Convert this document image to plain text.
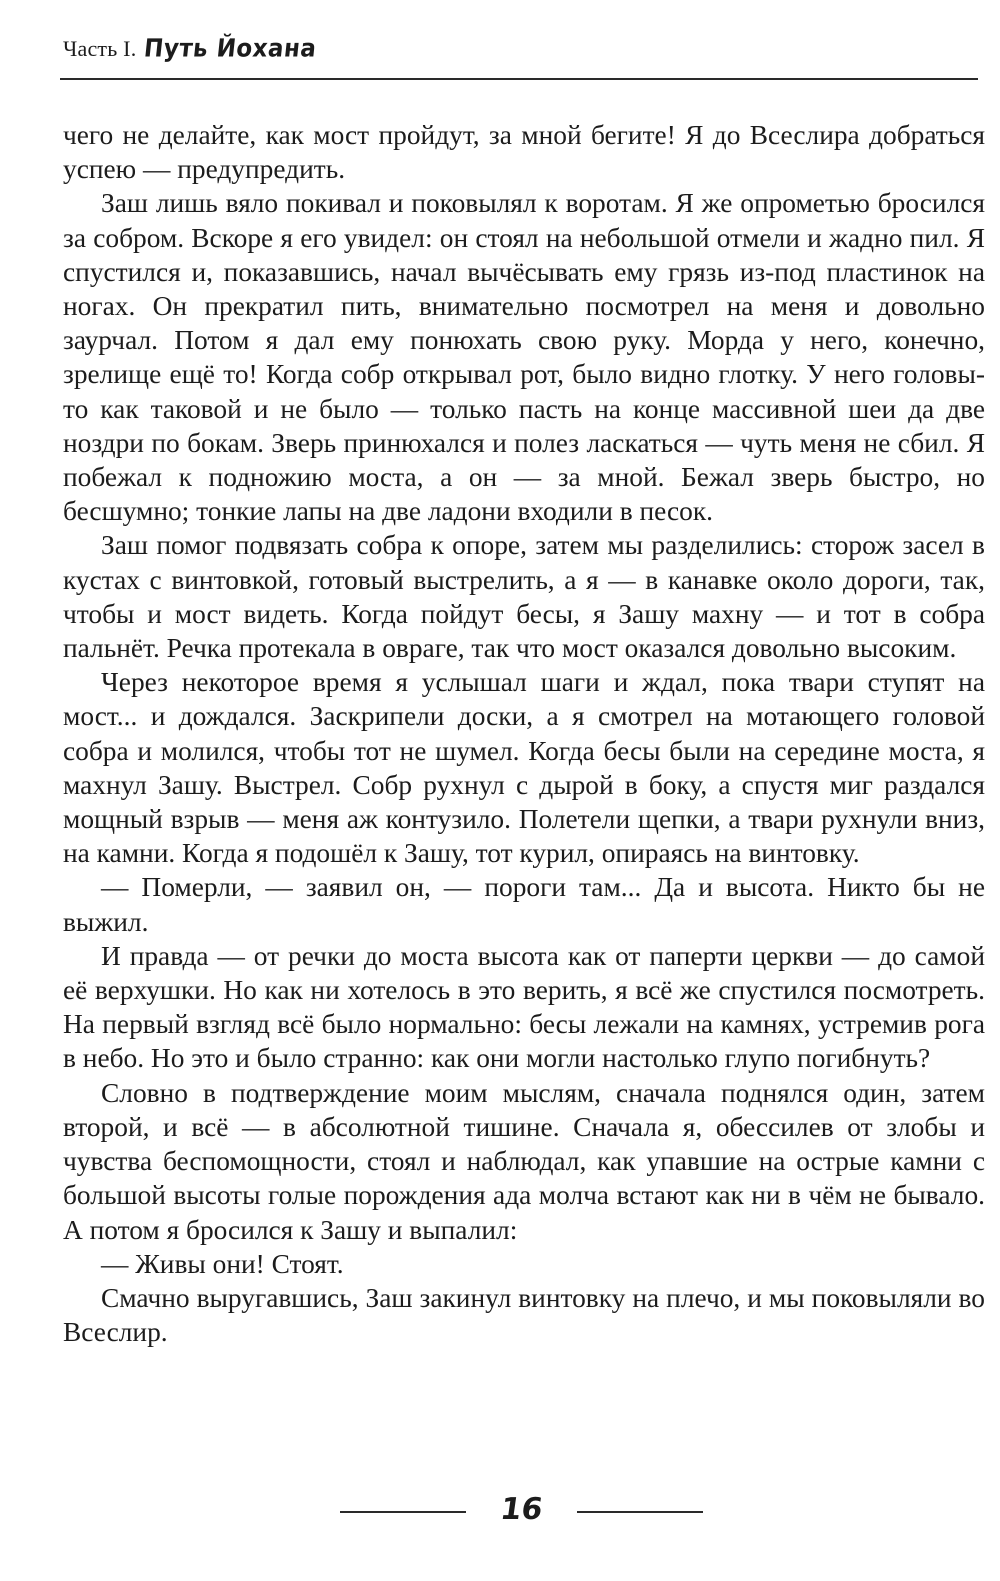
Часть I. Путь Йохана

чего не делайте, как мост пройдут, за мной бегите! Я до Всеслира добраться успею — предупредить.

Заш лишь вяло покивал и поковылял к воротам. Я же опрометью бросился за собром. Вскоре я его увидел: он стоял на небольшой отмели и жадно пил. Я спустился и, показавшись, начал вычёсывать ему грязь из-под пластинок на ногах. Он прекратил пить, внимательно посмотрел на меня и довольно заурчал. Потом я дал ему понюхать свою руку. Морда у него, конечно, зрелище ещё то! Когда собр открывал рот, было видно глотку. У него головы-то как таковой и не было — только пасть на конце массивной шеи да две ноздри по бокам. Зверь принюхался и полез ласкаться — чуть меня не сбил. Я побежал к подножию моста, а он — за мной. Бежал зверь быстро, но бесшумно; тонкие лапы на две ладони входили в песок.

Заш помог подвязать собра к опоре, затем мы разделились: сторож засел в кустах с винтовкой, готовый выстрелить, а я — в канавке около дороги, так, чтобы и мост видеть. Когда пойдут бесы, я Зашу махну — и тот в собра пальнёт. Речка протекала в овраге, так что мост оказался довольно высоким.

Через некоторое время я услышал шаги и ждал, пока твари ступят на мост... и дождался. Заскрипели доски, а я смотрел на мотающего головой собра и молился, чтобы тот не шумел. Когда бесы были на середине моста, я махнул Зашу. Выстрел. Собр рухнул с дырой в боку, а спустя миг раздался мощный взрыв — меня аж контузило. Полетели щепки, а твари рухнули вниз, на камни. Когда я подошёл к Зашу, тот курил, опираясь на винтовку.

— Померли, — заявил он, — пороги там... Да и высота. Никто бы не выжил.

И правда — от речки до моста высота как от паперти церкви — до самой её верхушки. Но как ни хотелось в это верить, я всё же спустился посмотреть. На первый взгляд всё было нормально: бесы лежали на камнях, устремив рога в небо. Но это и было странно: как они могли настолько глупо погибнуть?

Словно в подтверждение моим мыслям, сначала поднялся один, затем второй, и всё — в абсолютной тишине. Сначала я, обессилев от злобы и чувства беспомощности, стоял и наблюдал, как упавшие на острые камни с большой высоты голые порождения ада молча встают как ни в чём не бывало. А потом я бросился к Зашу и выпалил:

— Живы они! Стоят.

Смачно выругавшись, Заш закинул винтовку на плечо, и мы поковыляли во Всеслир.

16
